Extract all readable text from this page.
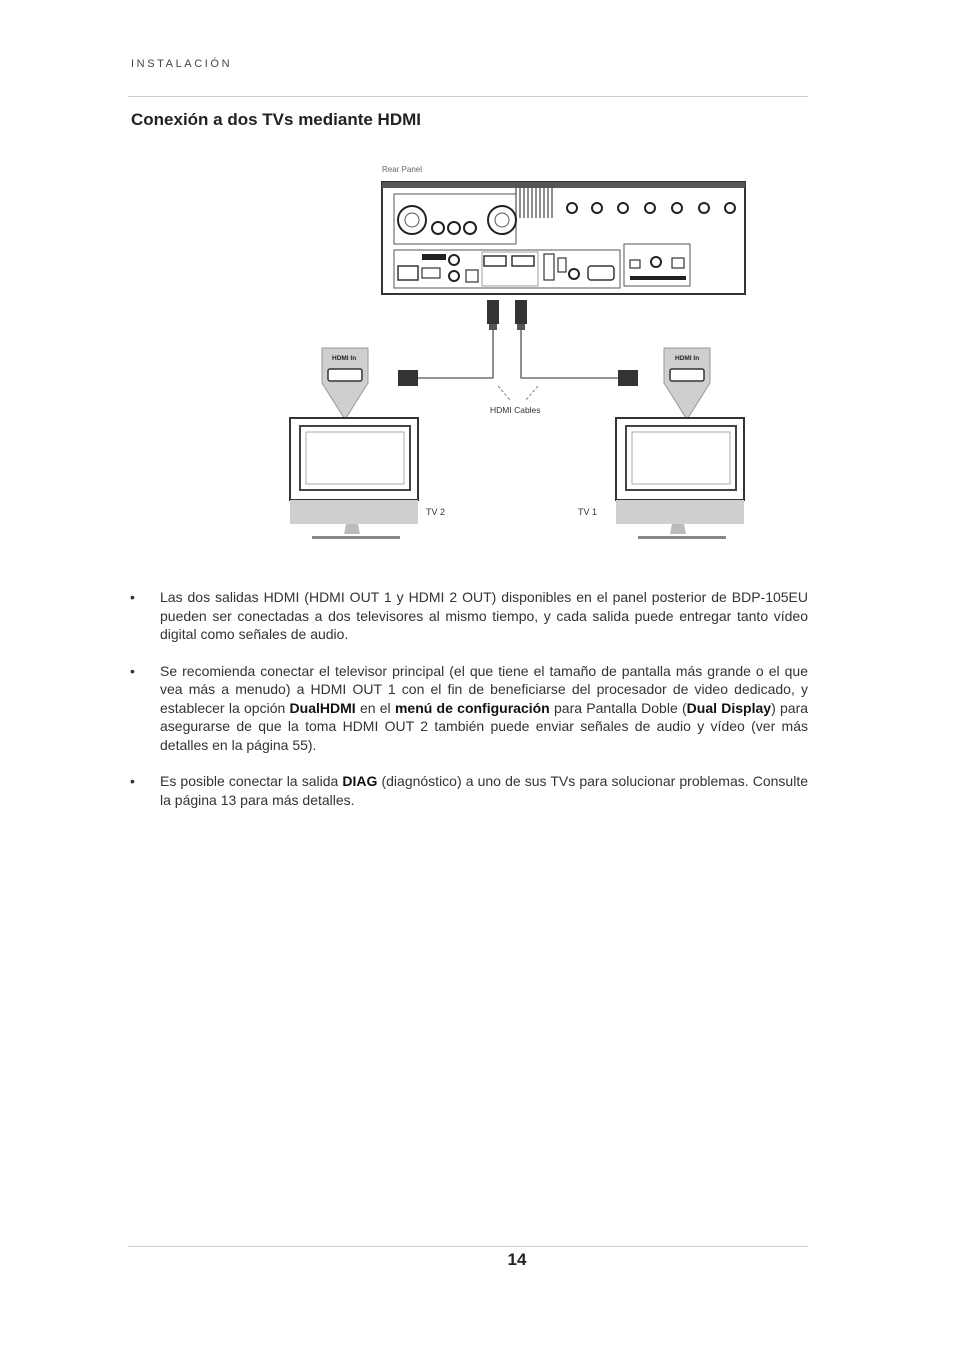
INSTALACIÓN
Conexión a dos TVs mediante HDMI
Rear Panel
HDMI Cables
HDMI In
TV 2
HDMI In
TV 1
• Las dos salidas HDMI (HDMI OUT 1 y HDMI 2 OUT) disponibles en el panel posterior de BDP-105EU pueden ser conectadas a dos televisores al mismo tiempo, y cada salida puede entregar tanto vídeo digital como señales de audio.
• Se recomienda conectar el televisor principal (el que tiene el tamaño de pantalla más grande o el que vea más a menudo) a HDMI OUT 1 con el fin de beneficiarse del procesador de video dedicado, y establecer la opción DualHDMI en el menú de configuración para Pantalla Doble (Dual Display) para asegurarse de que la toma HDMI OUT 2 también puede enviar señales de audio y vídeo (ver más detalles en la página 55).
• Es posible conectar la salida DIAG (diagnóstico) a uno de sus TVs para solucionar problemas. Consulte la página 13 para más detalles.
14
